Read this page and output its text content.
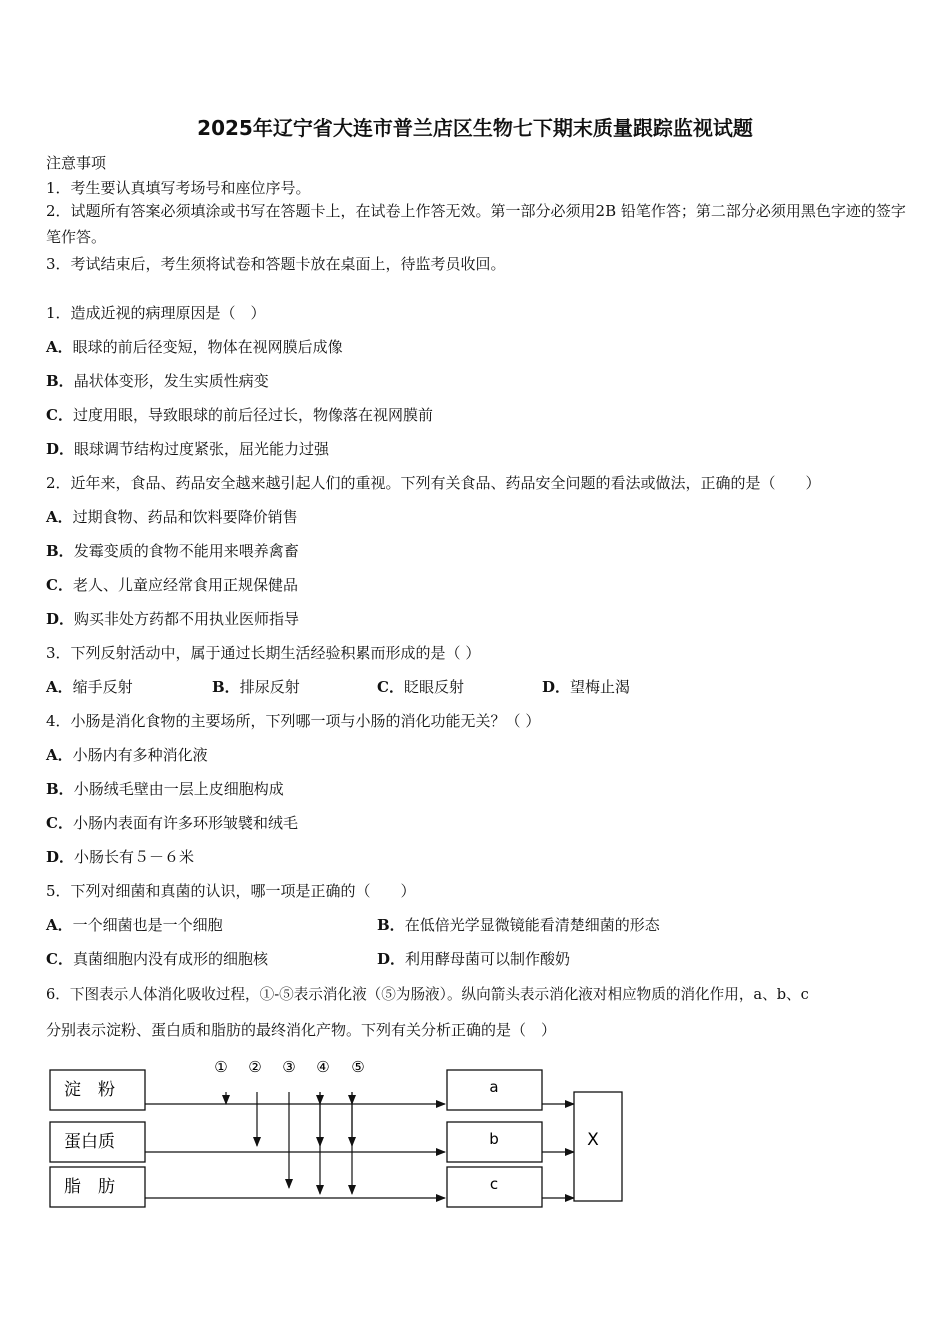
2025年辽宁省大连市普兰店区生物七下期末质量跟踪监视试题
注意事项
1．考生要认真填写考场号和座位序号。
2．试题所有答案必须填涂或书写在答题卡上，在试卷上作答无效。第一部分必须用2B 铅笔作答；第二部分必须用黑色字迹的签字笔作答。
3．考试结束后，考生须将试卷和答题卡放在桌面上，待监考员收回。
1．造成近视的病理原因是（　）
A．眼球的前后径变短，物体在视网膜后成像
B．晶状体变形，发生实质性病变
C．过度用眼，导致眼球的前后径过长，物像落在视网膜前
D．眼球调节结构过度紧张，屈光能力过强
2．近年来，食品、药品安全越来越引起人们的重视。下列有关食品、药品安全问题的看法或做法，正确的是（　　）
A．过期食物、药品和饮料要降价销售
B．发霉变质的食物不能用来喂养禽畜
C．老人、儿童应经常食用正规保健品
D．购买非处方药都不用执业医师指导
3．下列反射活动中，属于通过长期生活经验积累而形成的是（ ）
A．缩手反射	B．排尿反射	C．眨眼反射	D．望梅止渴
4．小肠是消化食物的主要场所，下列哪一项与小肠的消化功能无关？（ ）
A．小肠内有多种消化液
B．小肠绒毛壁由一层上皮细胞构成
C．小肠内表面有许多环形皱襞和绒毛
D．小肠长有５－６米
5．下列对细菌和真菌的认识，哪一项是正确的（　　）
A．一个细菌也是一个细胞	B．在低倍光学显微镜能看清楚细菌的形态
C．真菌细胞内没有成形的细胞核	D．利用酵母菌可以制作酸奶
6．下图表示人体消化吸收过程，①-⑤表示消化液（⑤为肠液）。纵向箭头表示消化液对相应物质的消化作用，a、b、c
分别表示淀粉、蛋白质和脂肪的最终消化产物。下列有关分析正确的是（　）
淀　粉
蛋白质
脂　肪
① ② ③ ④ ⑤
a
b
c
X
